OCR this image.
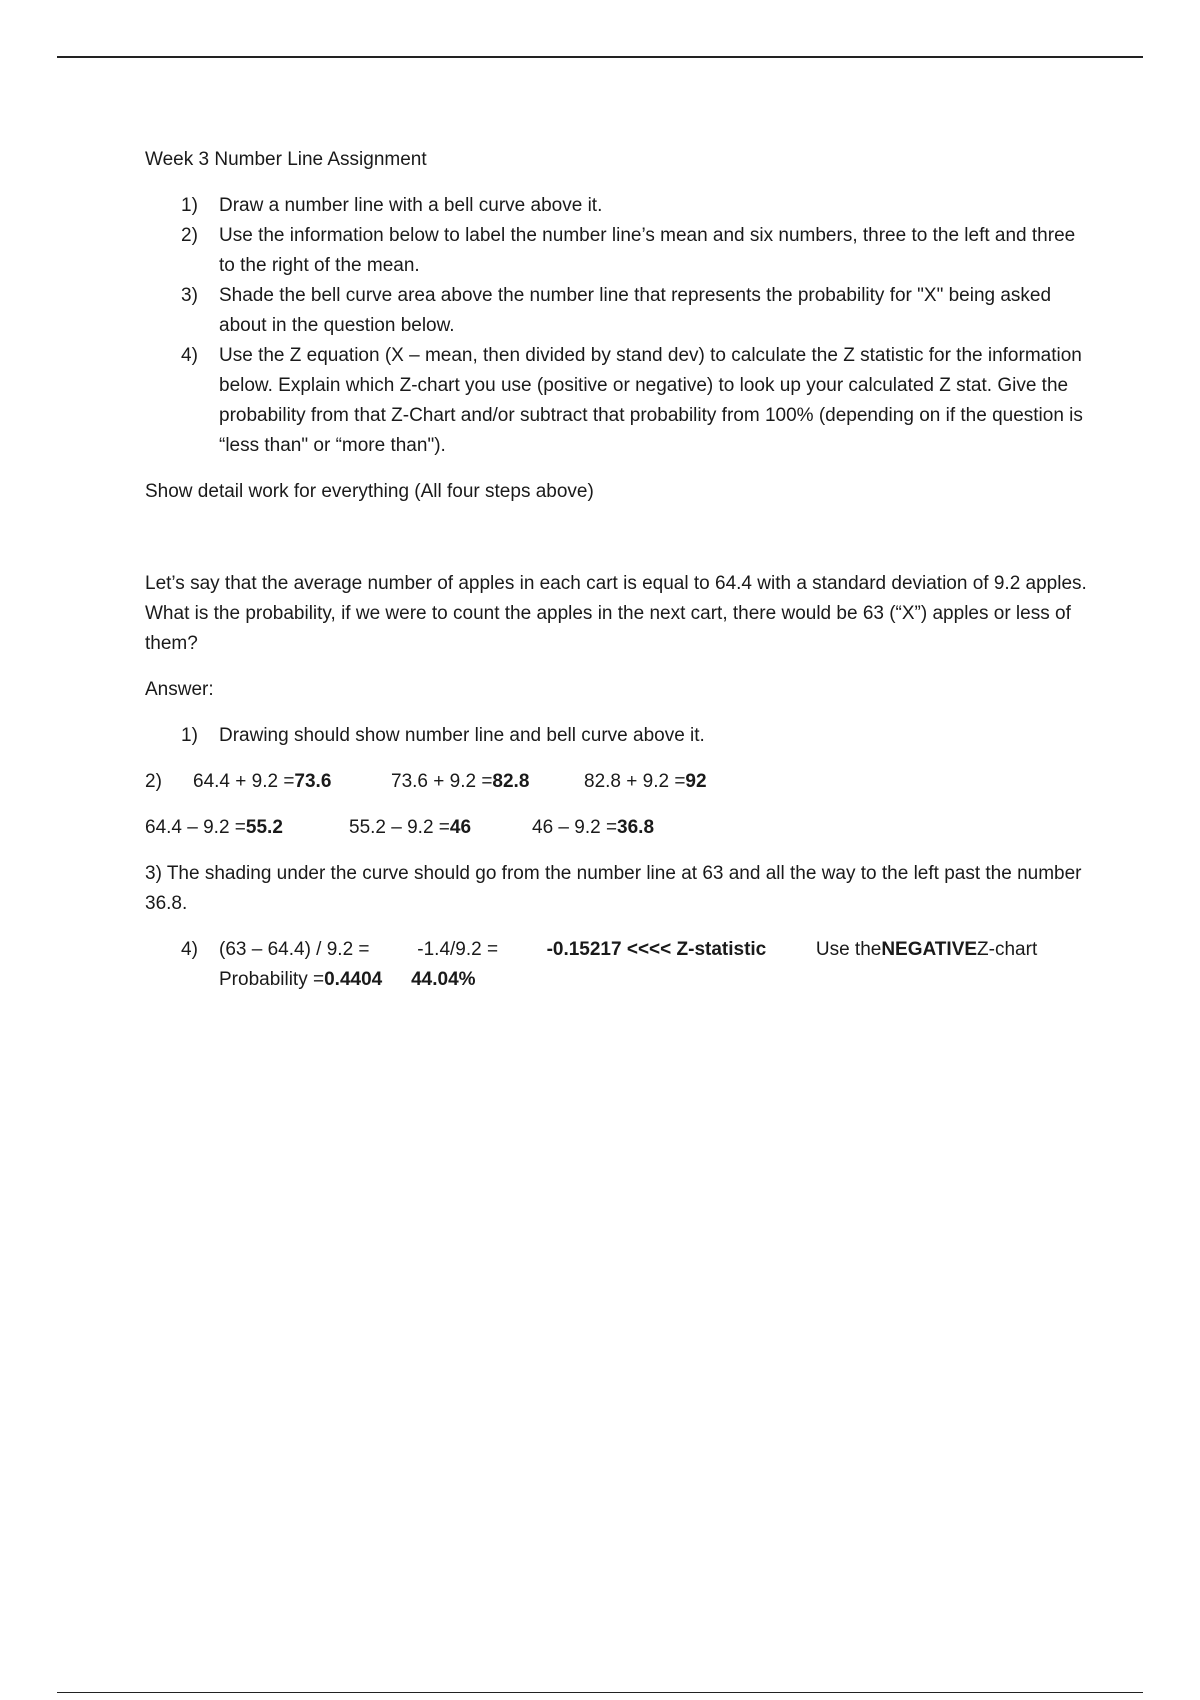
Week 3 Number Line Assignment
1)	Draw a number line with a bell curve above it.
2)	Use the information below to label the number line’s mean and six numbers, three to the left and three to the right of the mean.
3)	Shade the bell curve area above the number line that represents the probability for "X" being asked about in the question below.
4)	Use the Z equation (X – mean, then divided by stand dev) to calculate the Z statistic for the information below. Explain which Z-chart you use (positive or negative) to look up your calculated Z stat. Give the probability from that Z-Chart and/or subtract that probability from 100% (depending on if the question is “less than" or “more than").
Show detail work for everything (All four steps above)
Let’s say that the average number of apples in each cart is equal to 64.4 with a standard deviation of 9.2 apples. What is the probability, if we were to count the apples in the next cart, there would be 63 (“X”) apples or less of them?
Answer:
1)	Drawing should show number line and bell curve above it.
2)	64.4 + 9.2 =73.6	73.6 + 9.2 =82.8	82.8 + 9.2 =92
64.4 – 9.2 =55.2	55.2 – 9.2 =46	46 – 9.2 =36.8
3) The shading under the curve should go from the number line at 63 and all the way to the left past the number 36.8.
4)	(63 – 64.4) / 9.2 =	-1.4/9.2 =	-0.15217 <<<< Z-statistic	Use theNEGATIVEZ-chart
Probability =0.4404 44.04%
